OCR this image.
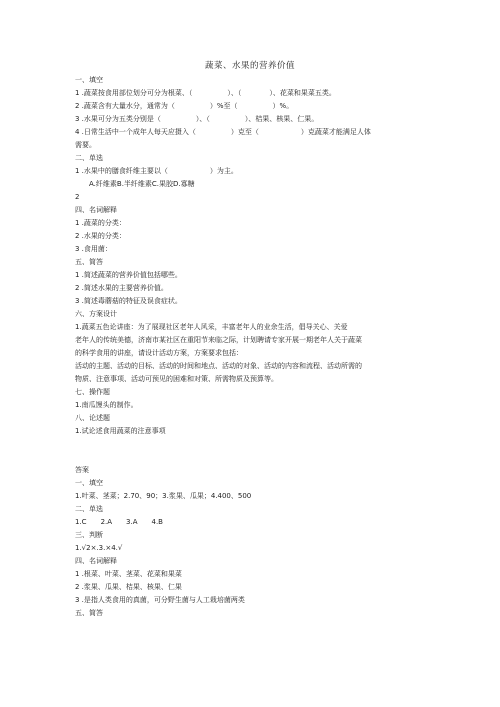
蔬菜、水果的营养价值
一、填空
1 .蔬菜按食用部位划分可分为根菜、（　　　　　）、（　　　　）、花菜和果菜五类。
2 .蔬菜含有大量水分，通常为（　　　　　）%至（　　　　　）%。
3 .水果可分为五类分别是（　　　　　）、（　　　　　）、桔果、核果、仁果。
4 .日常生活中一个成年人每天应摄入（　　　　　）克至（　　　　　　）克蔬菜才能满足人体
需要。
二、单选
1 .水果中的膳食纤维主要以（　　　　　　）为主。
A.纤维素B.半纤维素C.果胶D.寡糖
2
四、名词解释
1 .蔬菜的分类：
2 .水果的分类：
3 .食用菌：
五、简答
1 .简述蔬菜的营养价值包括哪些。
2 .简述水果的主要营养价值。
3 .简述毒蘑菇的特征及误食症状。
六、方案设计
1.蔬菜五色论讲座：为了展现社区老年人风采，丰富老年人的业余生活，倡导关心、关爱
老年人的传统美德，济南市某社区在重阳节来临之际，计划聘请专家开展一期老年人关于蔬菜
的科学食用的讲座，请设计活动方案，方案要求包括：
活动的主题、活动的目标、活动的时间和地点、活动的对象、活动的内容和流程、活动所需的
物质、注意事项、活动可预见的困难和对策、所需物质及预算等。
七、操作题
1.南瓜馒头的制作。
八、论述题
1.试论述食用蔬菜的注意事项
答案
一、填空
1.叶菜、茎菜；2.70、90；3.浆果、瓜果；4.400、500
二、单选
1.C　　2.A　　3.A　　4.B
三、判断
1.√2×.3.×4.√
四、名词解释
1 .根菜、叶菜、茎菜、花菜和果菜
2 .浆果、瓜果、桔果、核果、仁果
3 .是指人类食用的真菌，可分野生菌与人工栽培菌两类
五、简答
